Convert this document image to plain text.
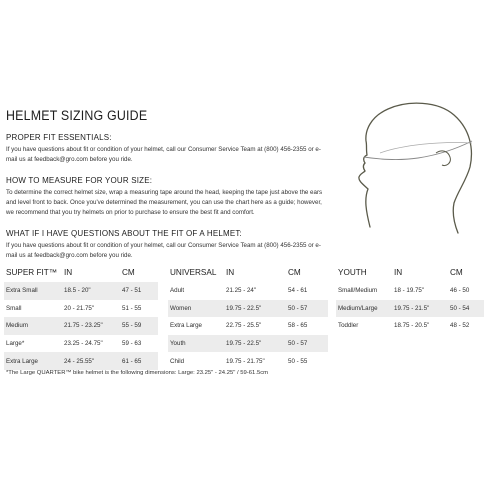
HELMET SIZING GUIDE
PROPER FIT ESSENTIALS:

If you have questions about fit or condition of your helmet, call our Consumer Service Team at (800) 456-2355 or e-mail us at feedback@gro.com before you ride.

HOW TO MEASURE FOR YOUR SIZE:

To determine the correct helmet size, wrap a measuring tape around the head, keeping the tape just above the ears and level front to back. Once you've determined the measurement, you can use the chart here as a guide; however, we recommend that you try helmets on prior to purchase to ensure the best fit and comfort.

WHAT IF I HAVE QUESTIONS ABOUT THE FIT OF A HELMET:

If you have questions about fit or condition of your helmet, call our Consumer Service Team at (800) 456-2355 or e-mail us at feedback@gro.com before you ride.

SUPER FIT™	IN	CM
Extra Small	18.5 - 20"	47 - 51
Small	20 - 21.75"	51 - 55
Medium	21.75 - 23.25"	55 - 59
Large*	23.25 - 24.75"	59 - 63
Extra Large	24 - 25.55"	61 - 65
UNIVERSAL	IN	CM
Adult	21.25 - 24"	54 - 61
Women	19.75 - 22.5"	50 - 57
Extra Large	22.75 - 25.5"	58 - 65
Youth	19.75 - 22.5"	50 - 57
Child	19.75 - 21.75"	50 - 55
YOUTH	IN	CM
Small/Medium	18 - 19.75"	46 - 50
Medium/Large	19.75 - 21.5"	50 - 54
Toddler	18.75 - 20.5"	48 - 52
*The Large QUARTER™ bike helmet is the following dimensions: Large: 23.25" - 24.25" / 59-61.5cm
